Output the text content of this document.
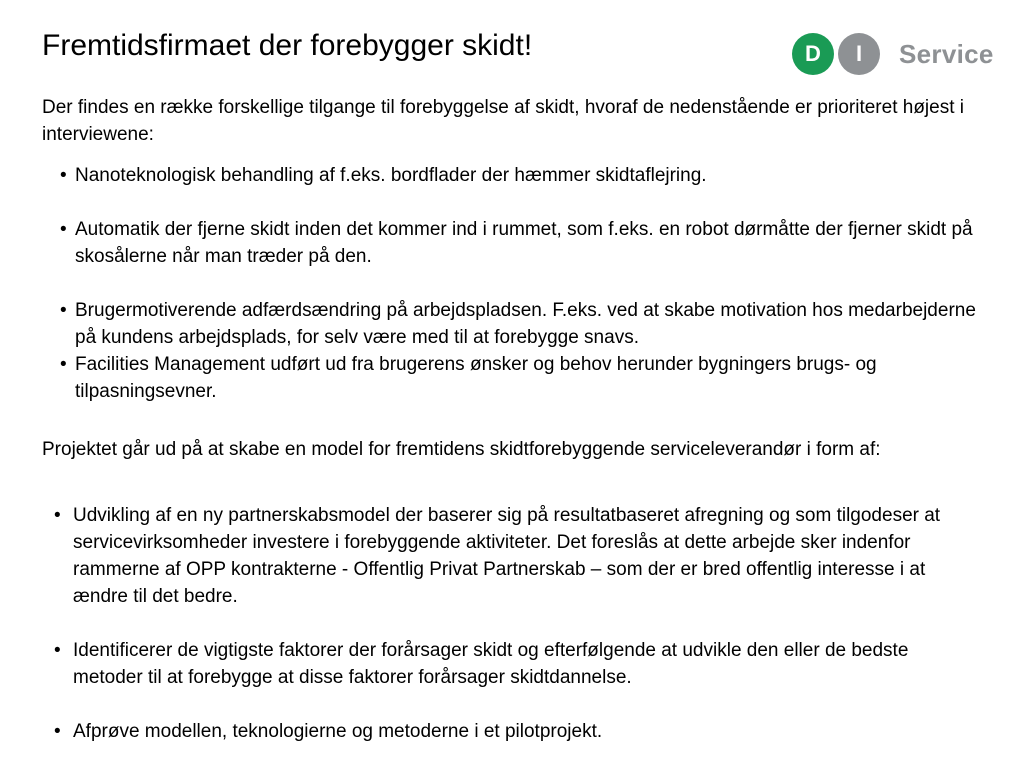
Fremtidsfirmaet der forebygger skidt!	D	I	Service
Der findes en række forskellige tilgange til forebyggelse af skidt, hvoraf de nedenstående er prioriteret højest i interviewene:
• Nanoteknologisk behandling af f.eks. bordflader der hæmmer skidtaflejring.
• Automatik der fjerne skidt inden det kommer ind i rummet, som f.eks. en robot dørmåtte der fjerner skidt på skosålerne når man træder på den.
• Brugermotiverende adfærdsændring på arbejdspladsen. F.eks. ved at skabe motivation hos medarbejderne på kundens arbejdsplads, for selv være med til at forebygge snavs.
• Facilities Management udført ud fra brugerens ønsker og behov herunder bygningers brugs- og tilpasningsevner.
Projektet går ud på at skabe en model for fremtidens skidtforebyggende serviceleverandør i form af:
• Udvikling af en ny partnerskabsmodel der baserer sig på resultatbaseret afregning og som tilgodeser at servicevirksomheder investere i forebyggende aktiviteter. Det foreslås at dette arbejde sker indenfor rammerne af OPP kontrakterne - Offentlig Privat Partnerskab – som der er bred offentlig interesse i at ændre til det bedre.
• Identificerer de vigtigste faktorer der forårsager skidt og efterfølgende at udvikle den eller de bedste metoder til at forebygge at disse faktorer forårsager skidtdannelse.
• Afprøve modellen, teknologierne og metoderne i et pilotprojekt.
